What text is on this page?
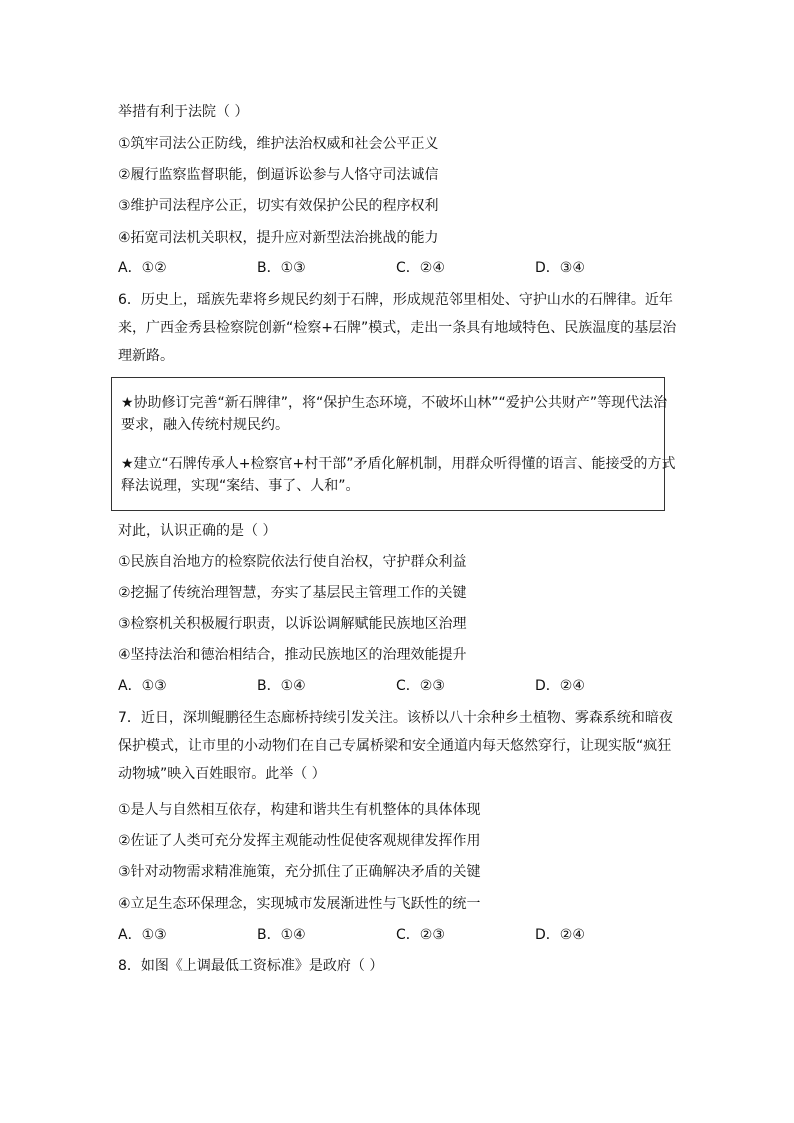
举措有利于法院（ ）
①筑牢司法公正防线，维护法治权威和社会公平正义
②履行监察监督职能，倒逼诉讼参与人恪守司法诚信
③维护司法程序公正，切实有效保护公民的程序权利
④拓宽司法机关职权，提升应对新型法治挑战的能力
A．①②	B．①③	C．②④	D．③④
6．历史上，瑶族先辈将乡规民约刻于石牌，形成规范邻里相处、守护山水的石牌律。近年
来，广西金秀县检察院创新“检察+石牌”模式，走出一条具有地域特色、民族温度的基层治
理新路。
★协助修订完善“新石牌律”，将“保护生态环境，不破坏山林”“爱护公共财产”等现代法治
要求，融入传统村规民约。
★建立“石牌传承人+检察官+村干部”矛盾化解机制，用群众听得懂的语言、能接受的方式
释法说理，实现“案结、事了、人和”。
对此，认识正确的是（ ）
①民族自治地方的检察院依法行使自治权，守护群众利益
②挖掘了传统治理智慧，夯实了基层民主管理工作的关键
③检察机关积极履行职责，以诉讼调解赋能民族地区治理
④坚持法治和德治相结合，推动民族地区的治理效能提升
A．①③	B．①④	C．②③	D．②④
7．近日，深圳鲲鹏径生态廊桥持续引发关注。该桥以八十余种乡土植物、雾森系统和暗夜
保护模式，让市里的小动物们在自己专属桥梁和安全通道内每天悠然穿行，让现实版“疯狂
动物城”映入百姓眼帘。此举（ ）
①是人与自然相互依存，构建和谐共生有机整体的具体体现
②佐证了人类可充分发挥主观能动性促使客观规律发挥作用
③针对动物需求精准施策，充分抓住了正确解决矛盾的关键
④立足生态环保理念，实现城市发展渐进性与飞跃性的统一
A．①③	B．①④	C．②③	D．②④
8．如图《上调最低工资标准》是政府（ ）
